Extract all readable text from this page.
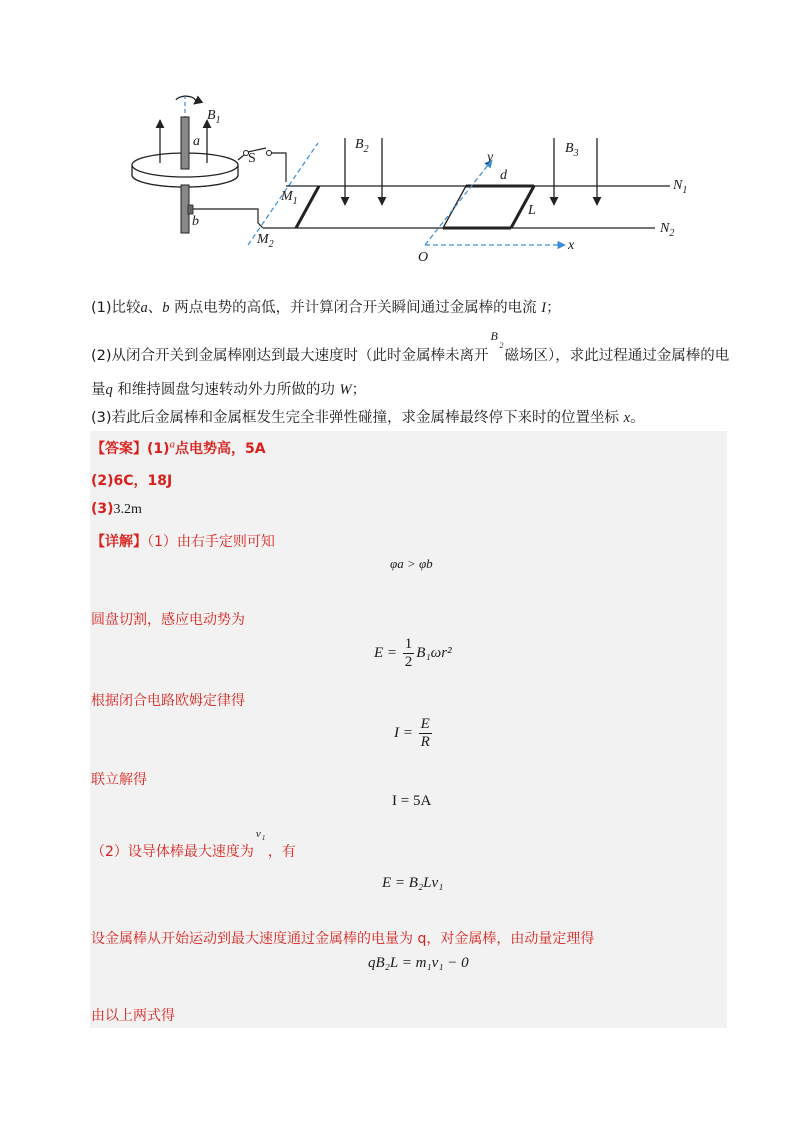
$B_1$
a
S
b
$M_1$
$M_2$
$B_2$	$B_3$
y
d
L
x
O
$N_1$
$N_2$
(1)比较a、b 两点电势的高低，并计算闭合开关瞬间通过金属棒的电流 I；
(2)从闭合开关到金属棒刚达到最大速度时（此时金属棒未离开
B
2
磁场区），求此过程通过金属棒的电
量q 和维持圆盘匀速转动外力所做的功 W；
(3)若此后金属棒和金属框发生完全非弹性碰撞，求金属棒最终停下来时的位置坐标 x。
【答案】$(1)^a$点电势高，5A
(2)6C，18J
(3)3.2m
【详解】（1）由右手定则可知
φa > φb
圆盘切割，感应电动势为
$E = \frac{1}{2} B_1\omega r^2$
根据闭合电路欧姆定律得
$I = \frac{E}{R}$
联立解得
I = 5A
（2）设导体棒最大速度为
v 1
，有
E = B₂Lv₁
设金属棒从开始运动到最大速度通过金属棒的电量为 q，对金属棒，由动量定理得
qB₂L = m₁v₁ − 0
由以上两式得
